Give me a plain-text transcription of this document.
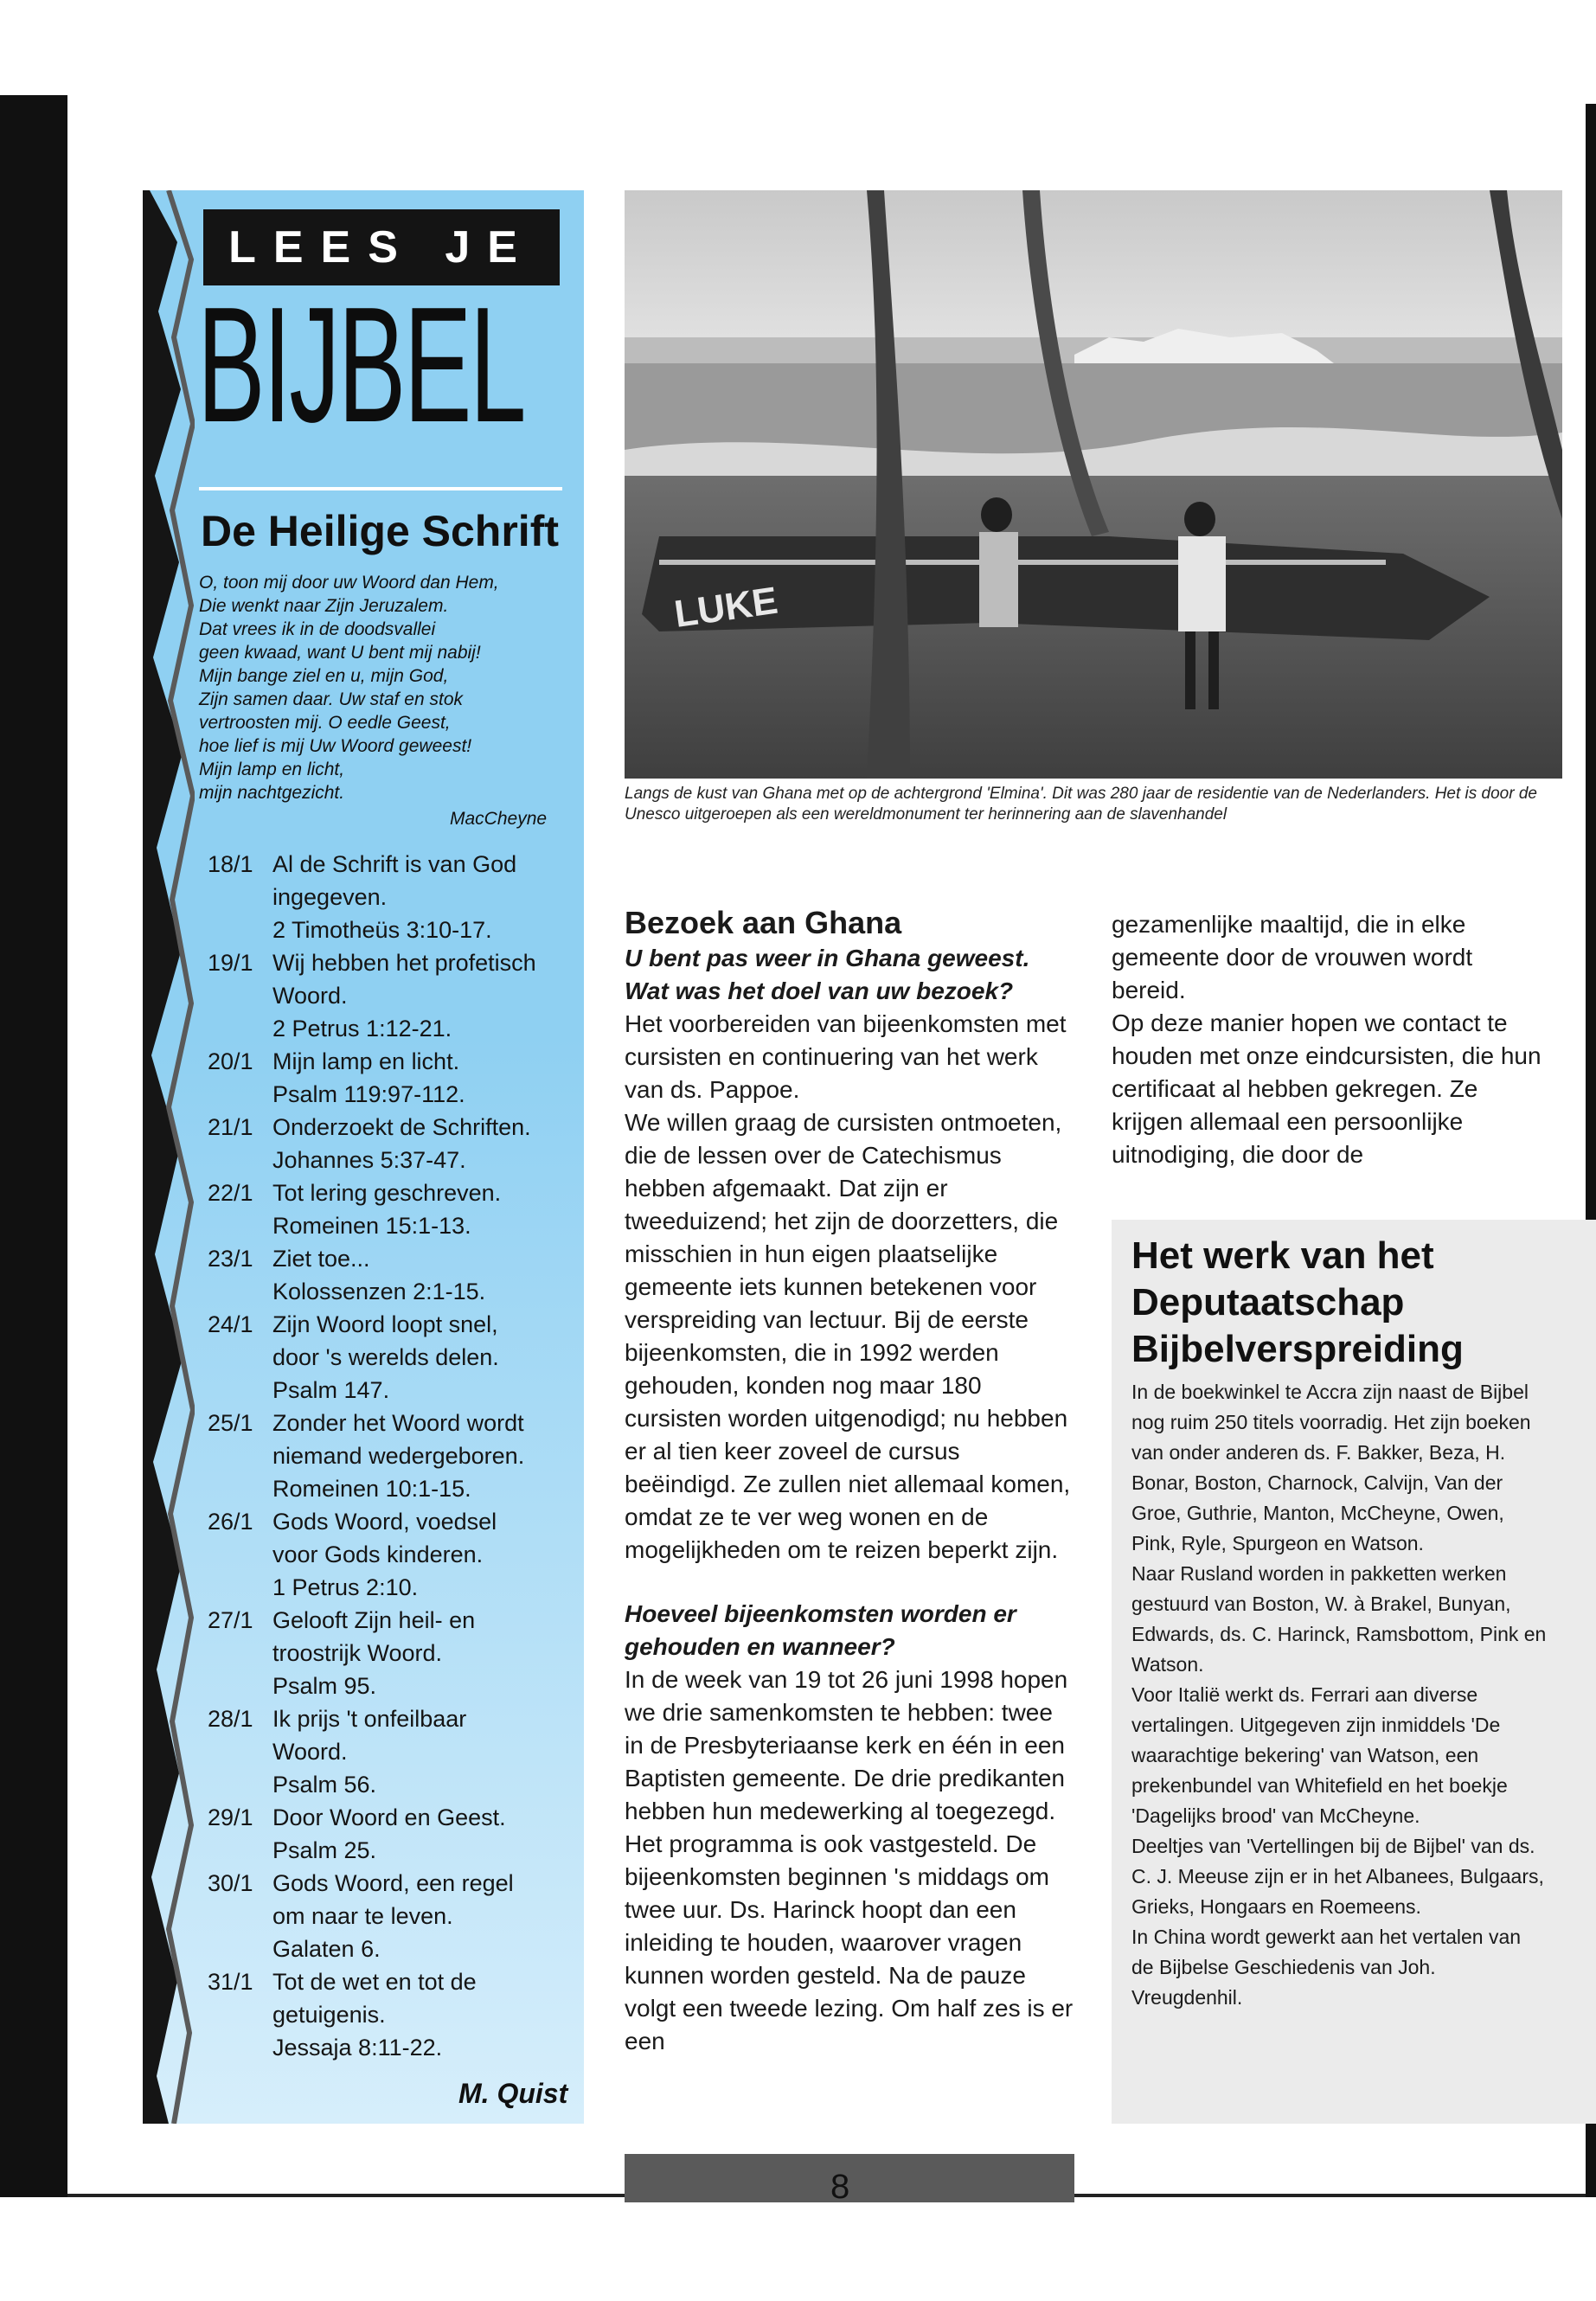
LEES JE
BIJBEL
De Heilige Schrift
O, toon mij door uw Woord dan Hem,
Die wenkt naar Zijn Jeruzalem.
Dat vrees ik in de doodsvallei
geen kwaad, want U bent mij nabij!
Mijn bange ziel en u, mijn God,
Zijn samen daar. Uw staf en stok
vertroosten mij. O eedle Geest,
hoe lief is mij Uw Woord geweest!
Mijn lamp en licht,
mijn nachtgezicht.
MacCheyne
18/1 Al de Schrift is van God
ingegeven.
2 Timotheüs 3:10-17.
19/1 Wij hebben het profetisch
Woord.
2 Petrus 1:12-21.
20/1 Mijn lamp en licht.
Psalm 119:97-112.
21/1 Onderzoekt de Schriften.
Johannes 5:37-47.
22/1 Tot lering geschreven.
Romeinen 15:1-13.
23/1 Ziet toe...
Kolossenzen 2:1-15.
24/1 Zijn Woord loopt snel,
door 's werelds delen.
Psalm 147.
25/1 Zonder het Woord wordt
niemand wedergeboren.
Romeinen 10:1-15.
26/1 Gods Woord, voedsel
voor Gods kinderen.
1 Petrus 2:10.
27/1 Gelooft Zijn heil- en
troostrijk Woord.
Psalm 95.
28/1 Ik prijs 't onfeilbaar
Woord.
Psalm 56.
29/1 Door Woord en Geest.
Psalm 25.
30/1 Gods Woord, een regel
om naar te leven.
Galaten 6.
31/1 Tot de wet en tot de
getuigenis.
Jessaja 8:11-22.
M. Quist
LUKE
Langs de kust van Ghana met op de achtergrond 'Elmina'. Dit was 280 jaar de residentie van de Nederlanders. Het is door de Unesco uitgeroepen als een wereldmonument ter herinnering aan de slavenhandel

Bezoek aan Ghana

U bent pas weer in Ghana geweest. Wat was het doel van uw bezoek?

Het voorbereiden van bijeenkomsten met cursisten en continuering van het werk van ds. Pappoe.

We willen graag de cursisten ontmoeten, die de lessen over de Catechismus hebben afgemaakt. Dat zijn er tweeduizend; het zijn de doorzetters, die misschien in hun eigen plaatselijke gemeente iets kunnen betekenen voor verspreiding van lectuur. Bij de eerste bijeenkomsten, die in 1992 werden gehouden, konden nog maar 180 cursisten worden uitgenodigd; nu hebben er al tien keer zoveel de cursus beëindigd. Ze zullen niet allemaal komen, omdat ze te ver weg wonen en de mogelijkheden om te reizen beperkt zijn.

Hoeveel bijeenkomsten worden er gehouden en wanneer?

In de week van 19 tot 26 juni 1998 hopen we drie samenkomsten te hebben: twee in de Presbyteriaanse kerk en één in een Baptisten gemeente. De drie predikanten hebben hun medewerking al toegezegd. Het programma is ook vastgesteld. De bijeenkomsten beginnen 's middags om twee uur. Ds. Harinck hoopt dan een inleiding te houden, waarover vragen kunnen worden gesteld. Na de pauze volgt een tweede lezing. Om half zes is er een

gezamenlijke maaltijd, die in elke gemeente door de vrouwen wordt bereid.

Op deze manier hopen we contact te houden met onze eindcursisten, die hun certificaat al hebben gekregen. Ze krijgen allemaal een persoonlijke uitnodiging, die door de

Het werk van het Deputaatschap Bijbelverspreiding
In de boekwinkel te Accra zijn naast de Bijbel nog ruim 250 titels voorradig. Het zijn boeken van onder anderen ds. F. Bakker, Beza, H. Bonar, Boston, Charnock, Calvijn, Van der Groe, Guthrie, Manton, McCheyne, Owen, Pink, Ryle, Spurgeon en Watson.
Naar Rusland worden in pakketten werken gestuurd van Boston, W. à Brakel, Bunyan, Edwards, ds. C. Harinck, Ramsbottom, Pink en Watson.
Voor Italië werkt ds. Ferrari aan diverse vertalingen. Uitgegeven zijn inmiddels 'De waarachtige bekering' van Watson, een prekenbundel van Whitefield en het boekje 'Dagelijks brood' van McCheyne.
Deeltjes van 'Vertellingen bij de Bijbel' van ds. C. J. Meeuse zijn er in het Albanees, Bulgaars, Grieks, Hongaars en Roemeens.
In China wordt gewerkt aan het vertalen van de Bijbelse Geschiedenis van Joh. Vreugdenhil.
8
